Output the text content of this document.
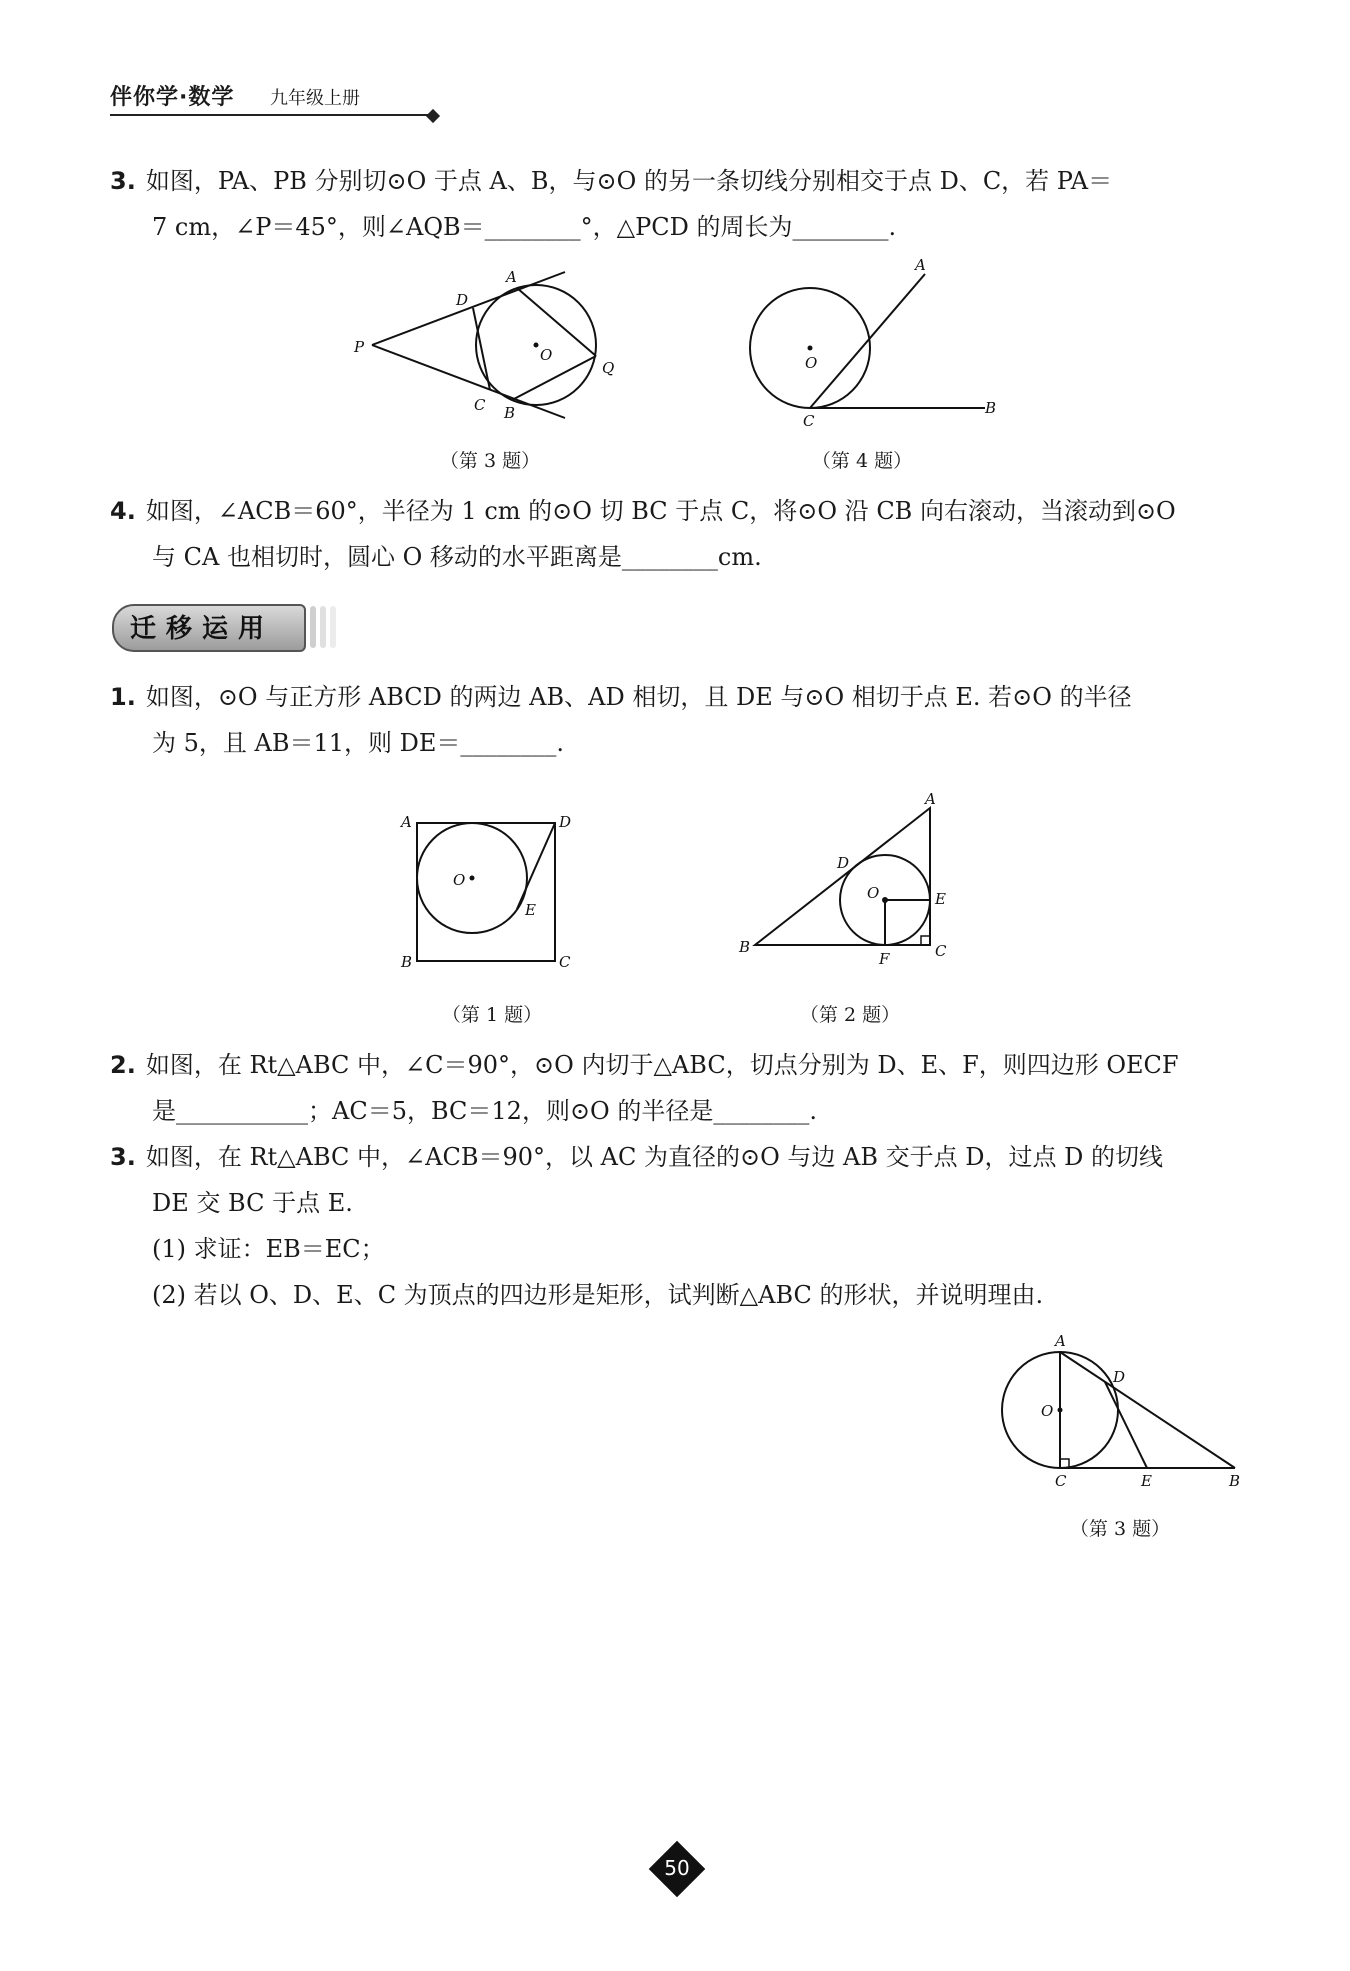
伴你学·数学 九年级上册
3. 如图，PA、PB 分别切⊙O 于点 A、B，与⊙O 的另一条切线分别相交于点 D、C，若 PA＝
7 cm，∠P＝45°，则∠AQB＝________°，△PCD 的周长为________.
P
D
A
O
Q
C B
（第 3 题）
A
O
C
B
（第 4 题）
4. 如图，∠ACB＝60°，半径为 1 cm 的⊙O 切 BC 于点 C，将⊙O 沿 CB 向右滚动，当滚动到⊙O
与 CA 也相切时，圆心 O 移动的水平距离是________cm.
迁移运用
1. 如图，⊙O 与正方形 ABCD 的两边 AB、AD 相切，且 DE 与⊙O 相切于点 E. 若⊙O 的半径
为 5，且 AB＝11，则 DE＝________.
A	D
O
E
B	C
（第 1 题）
A
D
O	E
B
F	C
（第 2 题）
2. 如图，在 Rt△ABC 中，∠C＝90°，⊙O 内切于△ABC，切点分别为 D、E、F，则四边形 OECF
是___________；AC＝5，BC＝12，则⊙O 的半径是________.
3. 如图，在 Rt△ABC 中，∠ACB＝90°，以 AC 为直径的⊙O 与边 AB 交于点 D，过点 D 的切线
DE 交 BC 于点 E.
(1) 求证：EB＝EC；
(2) 若以 O、D、E、C 为顶点的四边形是矩形，试判断△ABC 的形状，并说明理由.
A
D
O
C	E	B
（第 3 题）
50
